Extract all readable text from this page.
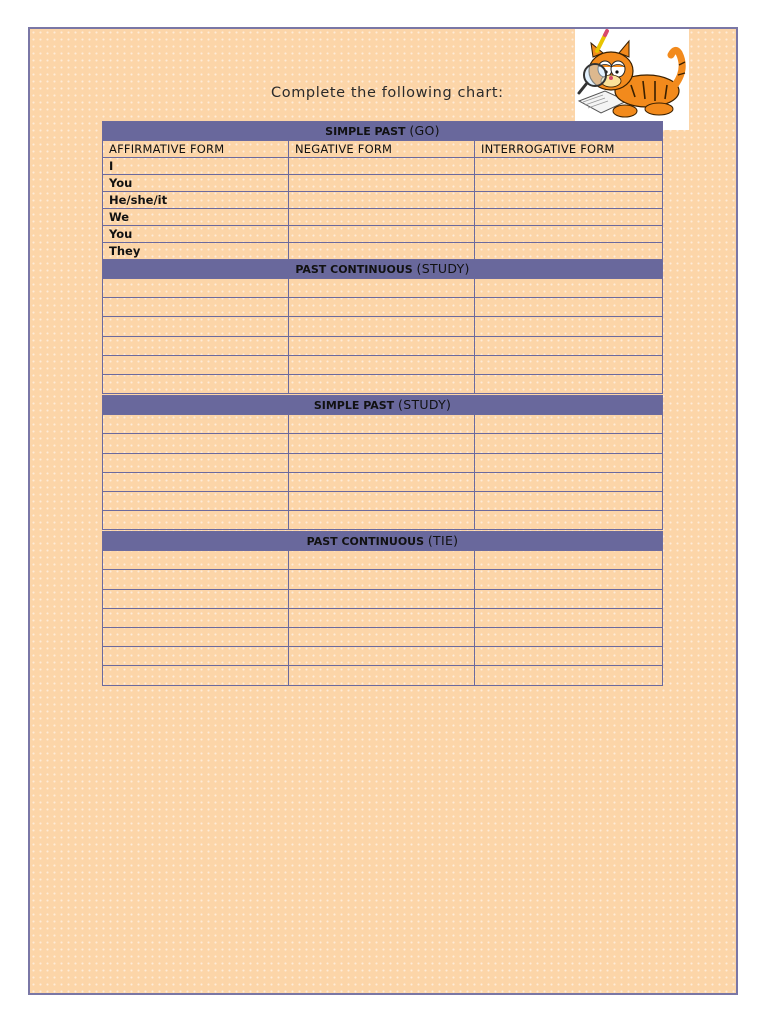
Complete the following chart:
SIMPLE PAST (GO)		
AFFIRMATIVE FORM	NEGATIVE FORM	INTERROGATIVE FORM
I		
You		
He/she/it		
We		
You		
They		
PAST CONTINUOUS (STUDY)		

SIMPLE PAST (STUDY)		

PAST CONTINUOUS (TIE)		
